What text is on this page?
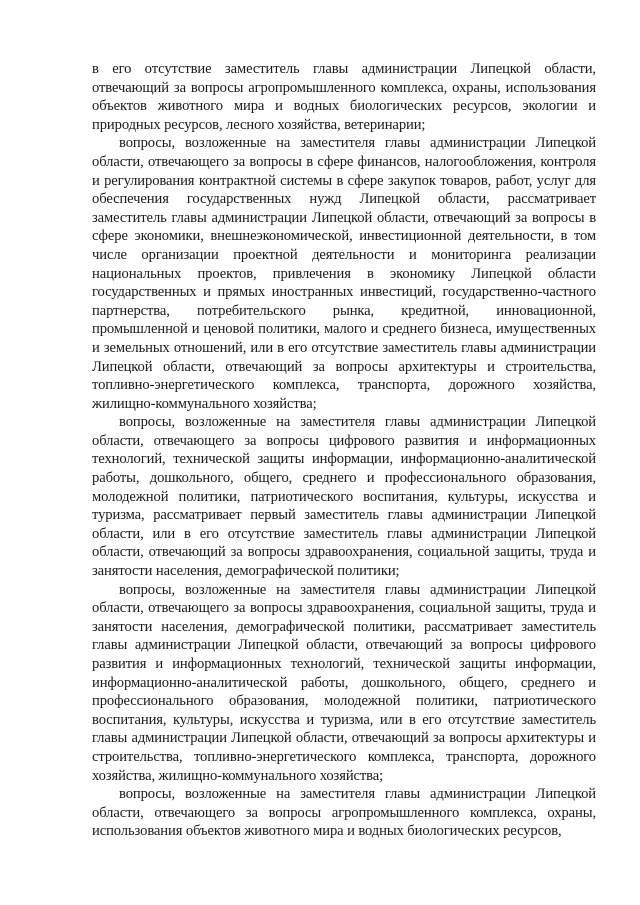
в его отсутствие заместитель главы администрации Липецкой области, отвечающий за вопросы агропромышленного комплекса, охраны, использования объектов животного мира и водных биологических ресурсов, экологии и природных ресурсов, лесного хозяйства, ветеринарии;

вопросы, возложенные на заместителя главы администрации Липецкой области, отвечающего за вопросы в сфере финансов, налогообложения, контроля и регулирования контрактной системы в сфере закупок товаров, работ, услуг для обеспечения государственных нужд Липецкой области, рассматривает заместитель главы администрации Липецкой области, отвечающий за вопросы в сфере экономики, внешнеэкономической, инвестиционной деятельности, в том числе организации проектной деятельности и мониторинга реализации национальных проектов, привлечения в экономику Липецкой области государственных и прямых иностранных инвестиций, государственно-частного партнерства, потребительского рынка, кредитной, инновационной, промышленной и ценовой политики, малого и среднего бизнеса, имущественных и земельных отношений, или в его отсутствие заместитель главы администрации Липецкой области, отвечающий за вопросы архитектуры и строительства, топливно-энергетического комплекса, транспорта, дорожного хозяйства, жилищно-коммунального хозяйства;

вопросы, возложенные на заместителя главы администрации Липецкой области, отвечающего за вопросы цифрового развития и информационных технологий, технической защиты информации, информационно-аналитической работы, дошкольного, общего, среднего и профессионального образования, молодежной политики, патриотического воспитания, культуры, искусства и туризма, рассматривает первый заместитель главы администрации Липецкой области, или в его отсутствие заместитель главы администрации Липецкой области, отвечающий за вопросы здравоохранения, социальной защиты, труда и занятости населения, демографической политики;

вопросы, возложенные на заместителя главы администрации Липецкой области, отвечающего за вопросы здравоохранения, социальной защиты, труда и занятости населения, демографической политики, рассматривает заместитель главы администрации Липецкой области, отвечающий за вопросы цифрового развития и информационных технологий, технической защиты информации, информационно-аналитической работы, дошкольного, общего, среднего и профессионального образования, молодежной политики, патриотического воспитания, культуры, искусства и туризма, или в его отсутствие заместитель главы администрации Липецкой области, отвечающий за вопросы архитектуры и строительства, топливно-энергетического комплекса, транспорта, дорожного хозяйства, жилищно-коммунального хозяйства;

вопросы, возложенные на заместителя главы администрации Липецкой области, отвечающего за вопросы агропромышленного комплекса, охраны, использования объектов животного мира и водных биологических ресурсов,
